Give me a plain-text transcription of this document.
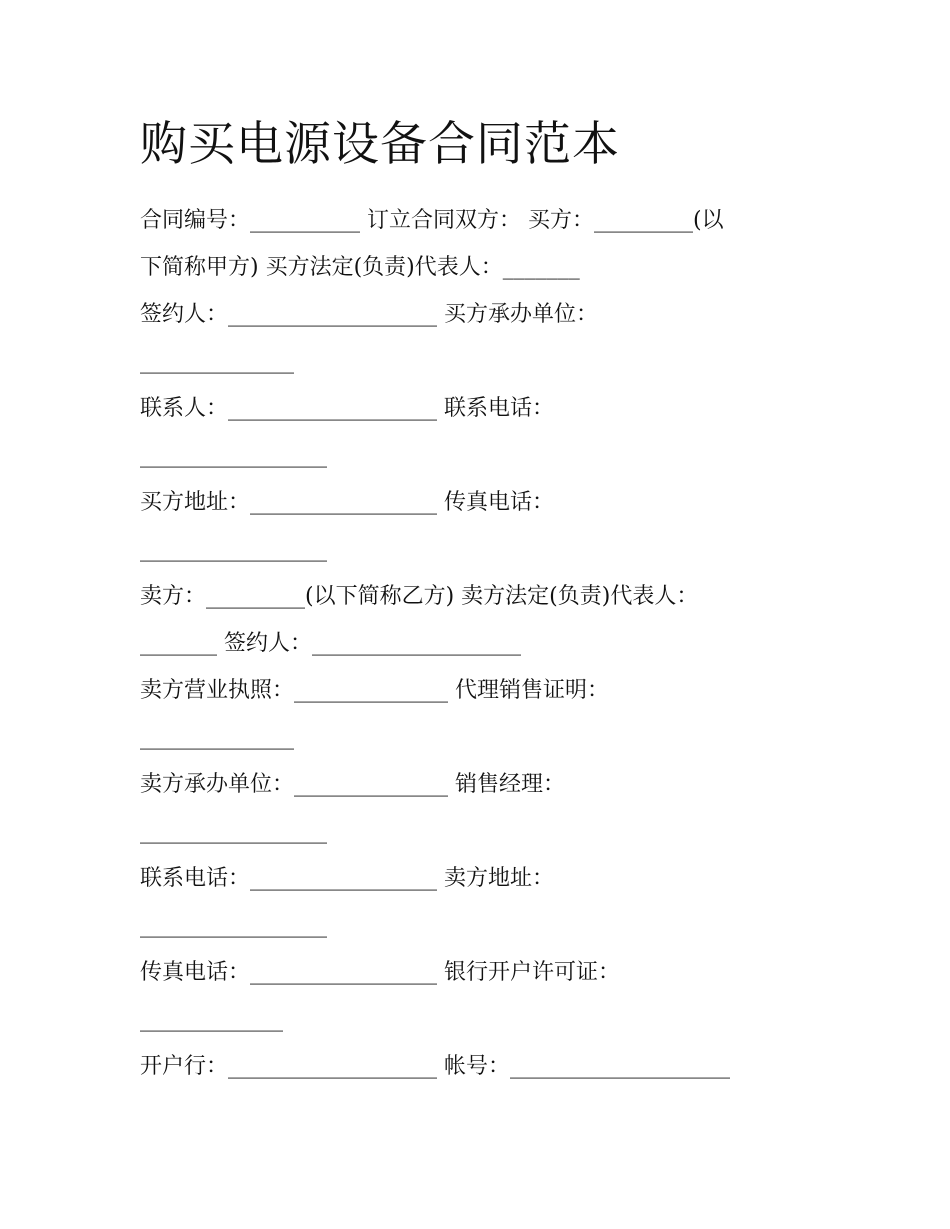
购买电源设备合同范本
合同编号：__________ 订立合同双方： 买方：_________(以
下简称甲方) 买方法定(负责)代表人：_______
签约人：___________________ 买方承办单位：
______________
联系人：___________________ 联系电话：
_________________
买方地址：_________________ 传真电话：
_________________
卖方：_________(以下简称乙方) 卖方法定(负责)代表人：
_______ 签约人：___________________
卖方营业执照：______________ 代理销售证明：
______________
卖方承办单位：______________ 销售经理：
_________________
联系电话：_________________ 卖方地址：
_________________
传真电话：_________________ 银行开户许可证：
_____________
开户行：___________________ 帐号：____________________
